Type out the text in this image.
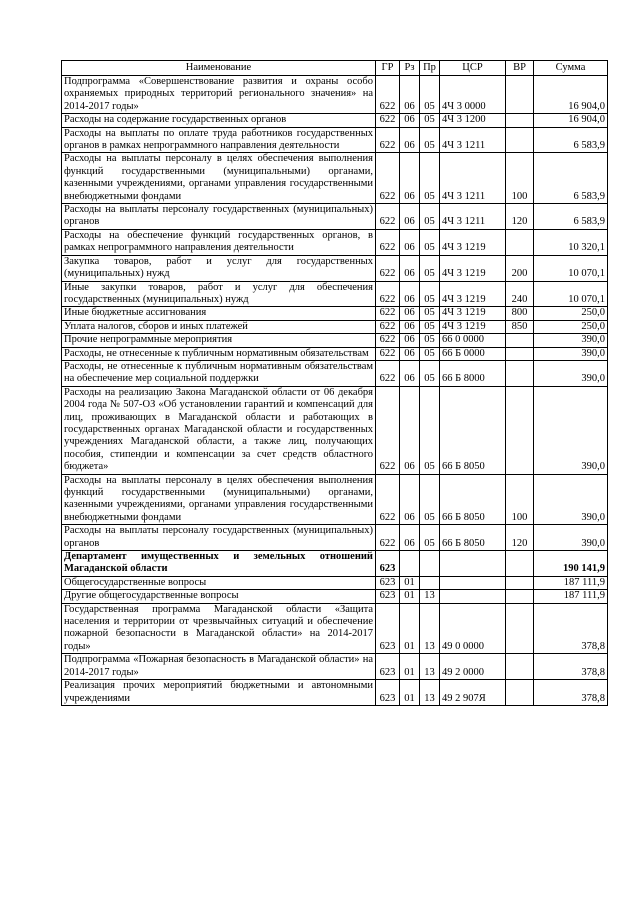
Наименование	ГР	Рз	Пр	ЦСР	ВР	Сумма
Подпрограмма «Совершенствование развития и охраны особо охраняемых природных территорий регионального значения» на 2014-2017 годы»	622	06	05	4Ч 3 0000		16 904,0
Расходы на содержание государственных органов	622	06	05	4Ч 3 1200		16 904,0
Расходы на выплаты по оплате труда работников государственных органов в рамках непрограммного направления деятельности	622	06	05	4Ч 3 1211		6 583,9
Расходы на выплаты персоналу в целях обеспечения выполнения функций государственными (муниципальными) органами, казенными учреждениями, органами управления государственными внебюджетными фондами	622	06	05	4Ч 3 1211	100	6 583,9
Расходы на выплаты персоналу государственных (муниципальных) органов	622	06	05	4Ч 3 1211	120	6 583,9
Расходы на обеспечение функций государственных органов, в рамках непрограммного направления деятельности	622	06	05	4Ч 3 1219		10 320,1
Закупка товаров, работ и услуг для государственных (муниципальных) нужд	622	06	05	4Ч 3 1219	200	10 070,1
Иные закупки товаров, работ и услуг для обеспечения государственных (муниципальных) нужд	622	06	05	4Ч 3 1219	240	10 070,1
Иные бюджетные ассигнования	622	06	05	4Ч 3 1219	800	250,0
Уплата налогов, сборов и иных платежей	622	06	05	4Ч 3 1219	850	250,0
Прочие непрограммные мероприятия	622	06	05	66 0 0000		390,0
Расходы, не отнесенные к публичным нормативным обязательствам	622	06	05	66 Б 0000		390,0
Расходы, не отнесенные к публичным нормативным обязательствам на обеспечение мер социальной поддержки	622	06	05	66 Б 8000		390,0
Расходы на реализацию Закона Магаданской области от 06 декабря 2004 года № 507-ОЗ «Об установлении гарантий и компенсаций для лиц, проживающих в Магаданской области и работающих в государственных органах Магаданской области и государственных учреждениях Магаданской области, а также лиц, получающих пособия, стипендии и компенсации за счет средств областного бюджета»	622	06	05	66 Б 8050		390,0
Расходы на выплаты персоналу в целях обеспечения выполнения функций государственными (муниципальными) органами, казенными учреждениями, органами управления государственными внебюджетными фондами	622	06	05	66 Б 8050	100	390,0
Расходы на выплаты персоналу государственных (муниципальных) органов	622	06	05	66 Б 8050	120	390,0
Департамент имущественных и земельных отношений Магаданской области	623					190 141,9
Общегосударственные вопросы	623	01				187 111,9
Другие общегосударственные вопросы	623	01	13			187 111,9
Государственная программа Магаданской области «Защита населения и территории от чрезвычайных ситуаций и обеспечение пожарной безопасности в Магаданской области» на 2014-2017 годы»	623	01	13	49 0 0000		378,8
Подпрограмма «Пожарная безопасность в Магаданской области» на 2014-2017 годы»	623	01	13	49 2 0000		378,8
Реализация прочих мероприятий бюджетными и автономными учреждениями	623	01	13	49 2 907Я		378,8
